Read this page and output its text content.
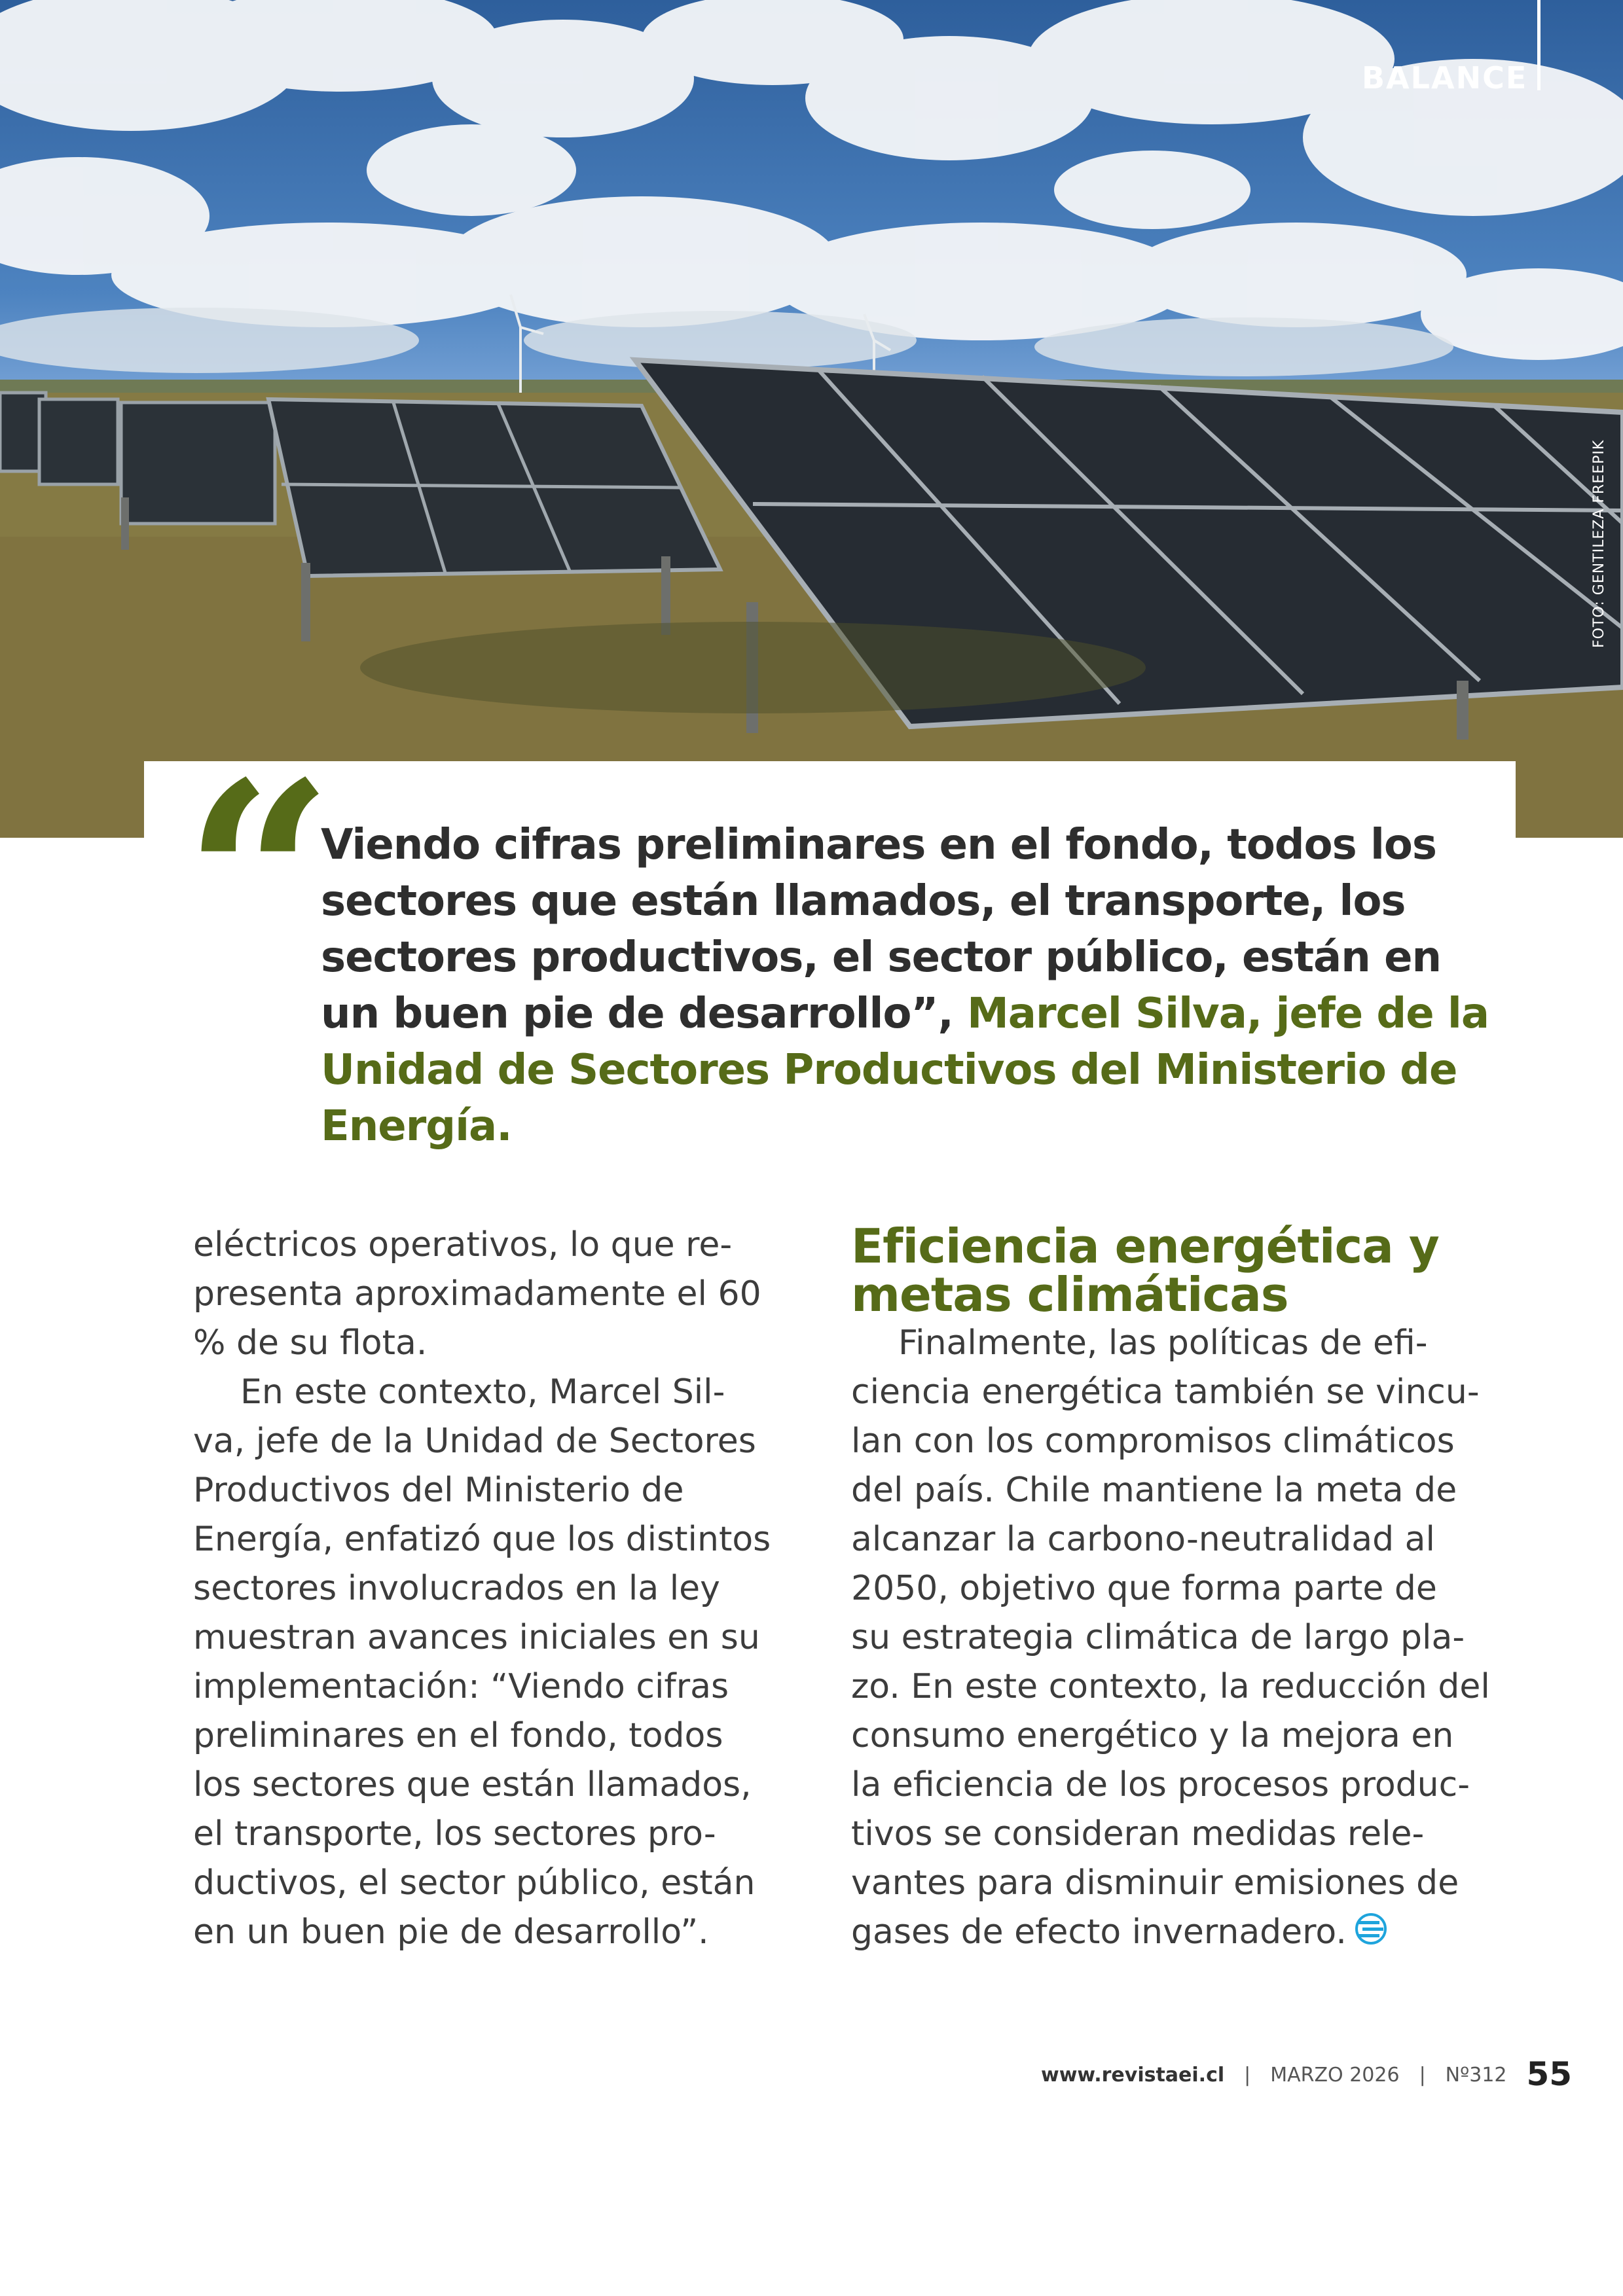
BALANCE
FOTO: GENTILEZA FREEPIK
“ Viendo cifras preliminares en el fondo, todos los sectores que están llamados, el transporte, los sectores productivos, el sector público, están en un buen pie de desarrollo”, Marcel Silva, jefe de la Unidad de Sectores Productivos del Ministerio de Energía.
eléctricos operativos, lo que re-
presenta aproximadamente el 60
% de su flota.
En este contexto, Marcel Sil-
va, jefe de la Unidad de Sectores
Productivos del Ministerio de
Energía, enfatizó que los distintos
sectores involucrados en la ley
muestran avances iniciales en su
implementación: “Viendo cifras
preliminares en el fondo, todos
los sectores que están llamados,
el transporte, los sectores pro-
ductivos, el sector público, están
en un buen pie de desarrollo”.
Eficiencia energética y
metas climáticas
Finalmente, las políticas de efi-
ciencia energética también se vincu-
lan con los compromisos climáticos
del país. Chile mantiene la meta de
alcanzar la carbono-neutralidad al
2050, objetivo que forma parte de
su estrategia climática de largo pla-
zo. En este contexto, la reducción del
consumo energético y la mejora en
la eficiencia de los procesos produc-
tivos se consideran medidas rele-
vantes para disminuir emisiones de
gases de efecto invernadero.
www.revistaei.cl | MARZO 2026 | Nº312 55
